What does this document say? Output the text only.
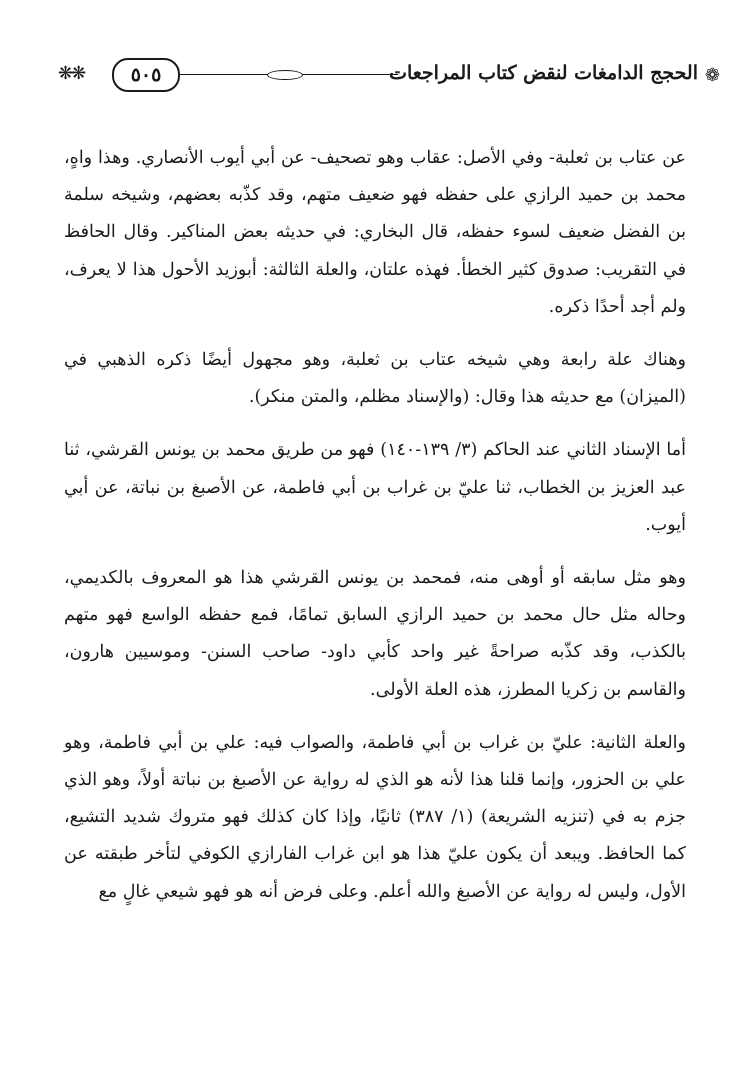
❁
الحجج الدامغات لنقض كتاب المراجعات
٥٠٥
❋❋

عن عتاب بن ثعلبة- وفي الأصل: عقاب وهو تصحيف- عن أبي أيوب الأنصاري. وهذا واهٍ، محمد بن حميد الرازي على حفظه فهو ضعيف متهم، وقد كذّبه بعضهم، وشيخه سلمة بن الفضل ضعيف لسوء حفظه، قال البخاري: في حديثه بعض المناكير. وقال الحافظ في التقريب: صدوق كثير الخطأ. فهذه علتان، والعلة الثالثة: أبوزيد الأحول هذا لا يعرف، ولم أجد أحدًا ذكره.

وهناك علة رابعة وهي شيخه عتاب بن ثعلبة، وهو مجهول أيضًا ذكره الذهبي في (الميزان) مع حديثه هذا وقال: (والإسناد مظلم، والمتن منكر).

أما الإسناد الثاني عند الحاكم (٣/ ١٣٩-١٤٠) فهو من طريق محمد بن يونس القرشي، ثنا عبد العزيز بن الخطاب، ثنا عليّ بن غراب بن أبي فاطمة، عن الأصبغ بن نباتة، عن أبي أيوب.

وهو مثل سابقه أو أوهى منه، فمحمد بن يونس القرشي هذا هو المعروف بالكديمي، وحاله مثل حال محمد بن حميد الرازي السابق تمامًا، فمع حفظه الواسع فهو متهم بالكذب، وقد كذّبه صراحةً غير واحد كأبي داود- صاحب السنن- وموسيين هارون، والقاسم بن زكريا المطرز، هذه العلة الأولى.

والعلة الثانية: عليّ بن غراب بن أبي فاطمة، والصواب فيه: علي بن أبي فاطمة، وهو علي بن الحزور، وإنما قلنا هذا لأنه هو الذي له رواية عن الأصبغ بن نباتة أولاً، وهو الذي جزم به في (تنزيه الشريعة) (١/ ٣٨٧) ثانيًا، وإذا كان كذلك فهو متروك شديد التشيع، كما الحافظ. ويبعد أن يكون عليّ هذا هو ابن غراب الفارازي الكوفي لتأخر طبقته عن الأول، وليس له رواية عن الأصبغ والله أعلم. وعلى فرض أنه هو فهو شيعي غالٍ مع
